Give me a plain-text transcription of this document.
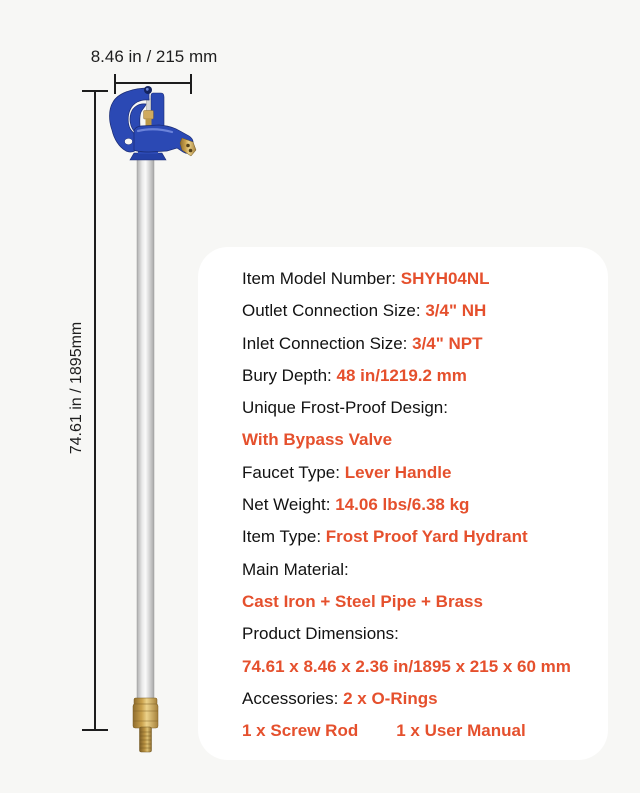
8.46 in / 215 mm
74.61 in / 1895mm
Item Model Number: SHYH04NL
Outlet Connection Size: 3/4" NH
Inlet Connection Size: 3/4" NPT
Bury Depth: 48 in/1219.2 mm
Unique Frost-Proof Design:
With Bypass Valve
Faucet Type: Lever Handle
Net Weight: 14.06 lbs/6.38 kg
Item Type: Frost Proof Yard Hydrant
Main Material:
Cast Iron + Steel Pipe + Brass
Product Dimensions:
74.61 x 8.46 x 2.36 in/1895 x 215 x 60 mm
Accessories: 2 x O-Rings
1 x Screw Rod 1 x User Manual
